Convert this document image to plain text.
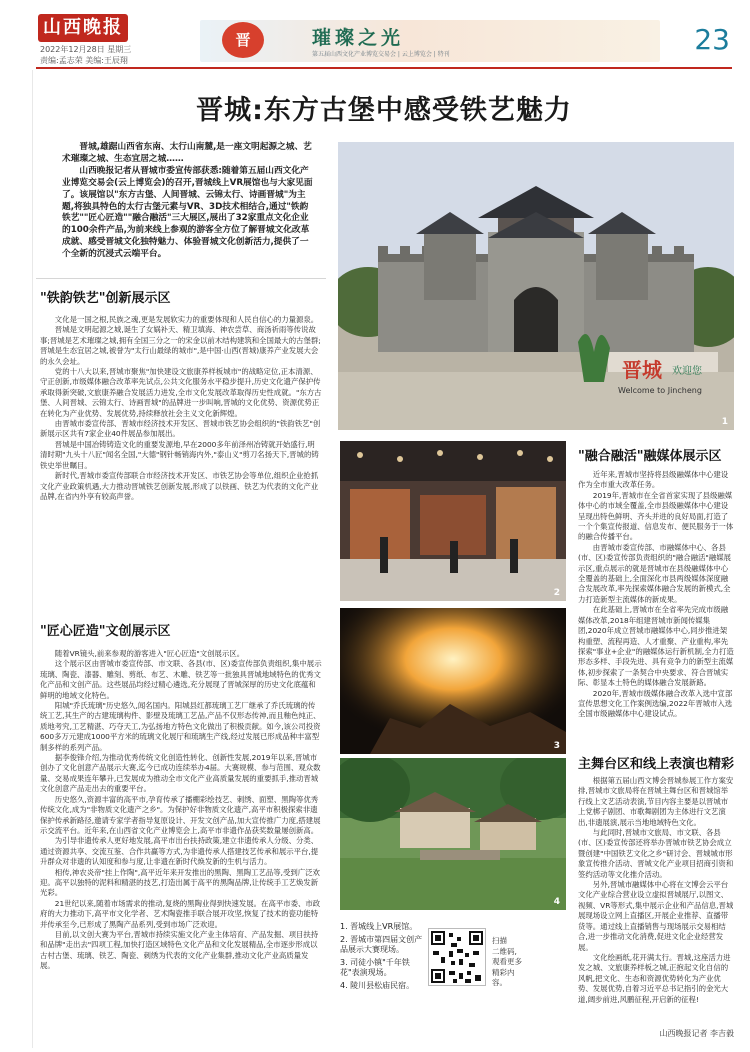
山西晚报
2022年12月28日 星期三
责编:孟志荣 美编:王辰翔
晋	璀璨之光
第五届山西文化产业博览交易会 | 云上博览会 | 特刊	23
晋城:东方古堡中感受铁艺魅力

晋城,雄踞山西省东南、太行山南麓,是一座文明起源之城、艺术璀璨之城、生态宜居之城……

山西晚报记者从晋城市委宣传部获悉:随着第五届山西文化产业博览交易会(云上博览会)的召开,晋城线上VR展馆也与大家见面了。该展馆以"东方古堡、人间晋城、云锦太行、诗画晋城"为主题,将独具特色的太行古堡元素与VR、3D技术相结合,通过"铁韵铁艺""匠心匠造""融合融活"三大展区,展出了32家重点文化企业的100余件产品,为前来线上参观的游客全方位了解晋城文化改革成就、感受晋城文化独特魅力、体验晋城文化创新活力,提供了一个全新的沉浸式云端平台。

晋城 欢迎您
Welcome to Jincheng
1
"铁韵铁艺"创新展示区

文化是一国之根,民族之魂,更是发展软实力的重要体现和人民自信心的力量源泉。

晋城是文明起源之城,诞生了女娲补天、精卫填海、神农尝草、商汤祈雨等传说故事;晋城是艺术璀璨之城,拥有全国三分之一的宋金以前木结构建筑和全国最大的古堡群;晋城是生态宜居之城,被誉为"太行山最绿的城市",是中国·山西(晋城)康养产业发展大会的永久会址。

党的十八大以来,晋城市聚焦"加快建设文旅康养样板城市"的战略定位,正本清源、守正创新,市级媒体融合改革率先试点,公共文化服务水平稳步提升,历史文化遗产保护传承取得新突破,文旅康养融合发展活力进发,全市文化发展改革取得历史性成就。"东方古堡、人间晋城、云锦太行、诗画晋城"的品牌进一步叫响,晋城的文化优势、资源优势正在转化为产业优势、发展优势,持续释放社会主义文化新辉煌。

由晋城市委宣传部、晋城市经济技术开发区、晋城市铁艺协会组织的"铁韵铁艺"创新展示区共有7家企业40件展品参加展出。

晋城是中国冶铸铸造文化的重要发源地,早在2000多年前泽州冶铸就开始盛行,明清时期"九头十八匠"闻名全国,"大德"钢针畅销海内外,"泰山义"剪刀名扬天下,晋城的铸铁史举世瞩目。

新时代,晋城市委宣传部联合市经济技术开发区、市铁艺协会等单位,组织企业抢抓文化产业政策机遇,大力推动晋城铁艺创新发展,形成了以铁画、铁艺为代表的文化产业品牌,在省内外享有较高声誉。

"匠心匠造"文创展示区

随着VR镜头,前来参观的游客进入"匠心匠造"文创展示区。

这个展示区由晋城市委宣传部、市文联、各县(市、区)委宣传部负责组织,集中展示琉璃、陶瓷、漆器、雕刻、剪纸、布艺、木雕、铁艺等一批独具晋城地域特色的优秀文化产品和文创产品。这些展品均经过精心遴选,充分展现了晋城深厚的历史文化底蕴和鲜明的地域文化特色。

阳城"乔氏琉璃"历史悠久,闻名国内。阳城县红都琉璃工艺厂继承了乔氏琉璃的传统工艺,其生产的古建琉璃构件、影壁及琉璃工艺品,产品不仅形态传神,而且釉色纯正、质地考究,工艺精湛、巧夺天工,为弘扬地方特色文化做出了积极贡献。如今,该公司投资600多万元建成1000平方米的琉璃文化展厅和琉璃生产线,经过发展已形成品种丰富型制多样的系列产品。

据李俊锋介绍,为推动优秀传统文化创造性转化、创新性发展,2019年以来,晋城市创办了文化创意产品展示大赛,迄今已成功连续举办4届。大赛规模、参与范围、观众数量、交易成果连年攀升,已发展成为推动全市文化产业高质量发展的重要抓手,推动晋城文化创意产品走出去的重要平台。

历史悠久,资源丰富的高平市,孕育传承了播棚彩绘技艺、刺绣、面塑、黑陶等优秀传统文化,成为"非物质文化遗产之乡"。为保护好非物质文化遗产,高平市积极探索非遗保护传承新路径,邀请专家学者指导复原设计、开发文创产品,加大宣传推广力度,搭建展示交流平台。近年来,在山西省文化产业博览会上,高平市非遗作品获奖数量屡创新高。

为引导非遗传承人更好地发展,高平市出台扶持政策,建立非遗传承人分级、分类、通过资源共享、交流互鉴、合作共赢等方式,为非遗传承人搭建技艺传承和展示平台,提升群众对非遗的认知度和参与度,让非遗在新时代焕发新的生机与活力。

相传,神农炎帝"挂上作陶",高平近年来开发推出的黑陶、黑陶工艺品等,受到广泛欢迎。高平以独特的泥料和精湛的技艺,打造出属于高平的黑陶品牌,让传统手工艺焕发新光彩。

21世纪以来,随着市场需求的推动,复烧的黑陶业得到快速发展。在高平市委、市政府的大力推动下,高平市文化学者、艺术陶瓷推手联合展开攻坚,恢复了技术的瓷功能特并传承至今,已形成了黑陶产品系列,受到市场广泛欢迎。

目前,以文创大赛为平台,晋城市持续实施文化产业主体培育、产品发掘、项目扶持和品牌"走出去"四项工程,加快打造区域特色文化产品和文化发展精品,全市逐步形成以古村古堡、琉璃、铁艺、陶瓷、刺绣为代表的文化产业集群,推动文化产业高质量发展。

2
3
4
1. 晋城线上VR展馆。
2. 晋城市第四届文创产品展示大赛现场。
3. 司徒小镇"千年铁花"表演现场。
4. 陵川县松庙民宿。
扫描
二维码,
观看更多
精彩内
容。
"融合融活"融媒体展示区

近年来,晋城市坚持将县级融媒体中心建设作为全市重大改革任务。

2019年,晋城市在全省首家实现了县级融媒体中心的市域全覆盖,全市县级融媒体中心建设呈现出特色鲜明、齐头并进的良好局面,打造了一个个集宣传报道、信息发布、便民服务于一体的融合传播平台。

由晋城市委宣传部、市融媒体中心、各县(市、区)委宣传部负责组织的"融合融活"融媒展示区,重点展示的就是晋城市在县级融媒体中心全覆盖的基础上,全面深化市县两级媒体深度融合发展改革,率先探索媒体融合发展的新模式,全力打造新型主流媒体的新成果。

在此基础上,晋城市在全省率先完成市级融媒体改革,2018年组建晋城市新闻传媒集团,2020年成立晋城市融媒体中心,同步推进架构重塑、流程再造、人才重聚、产业重构,率先探索"事业+企业"的融媒体运行新机制,全力打造形态多样、手段先进、具有竞争力的新型主流媒体,初步探索了一条契合中央要求、符合晋城实际、彰显本土特色的媒体融合发展新路。

2020年,晋城市级媒体融合改革入选中宣部宣传思想文化工作案例选编,2022年晋城市入选全国市级融媒体中心建设试点。

主舞台区和线上表演也精彩

根据第五届山西文博会晋城参展工作方案安排,晋城市文旅局将在晋城主舞台区和晋城馆举行线上文艺活动表演,节目内容主要是以晋城市上党梆子剧团、市歌舞剧团为主体进行文艺演出,非遗展演,展示当地地域特色文化。

与此同时,晋城市文旅局、市文联、各县(市、区)委宣传部还将举办晋城市铁艺协会成立暨创建"中国铁艺文化之乡"研讨会、晋城城市形象宣传推介活动、晋城文化产业项目招商引资和签约活动等文化推介活动。

另外,晋城市融媒体中心将在文博会云平台文化产业综合营业设立虚拟晋城展厅,以图文、视频、VR等形式,集中展示企业和产品信息,晋城展现场设立网上直播区,开展企业推荐、直播带货等。通过线上直播销售与现场展示交易相结合,进一步推动文化消费,促进文化企业经营发展。

文化绘画纸,花开满太行。晋城,这座活力进发之城、文旅康养样板之城,正抱起文化自信的风帆,把文化、生态和资源优势转化为产业优势、发展优势,自着习近平总书记指引的金光大道,阔步前进,风鹏征程,开启新的征程!

山西晚报记者 李吉毅
